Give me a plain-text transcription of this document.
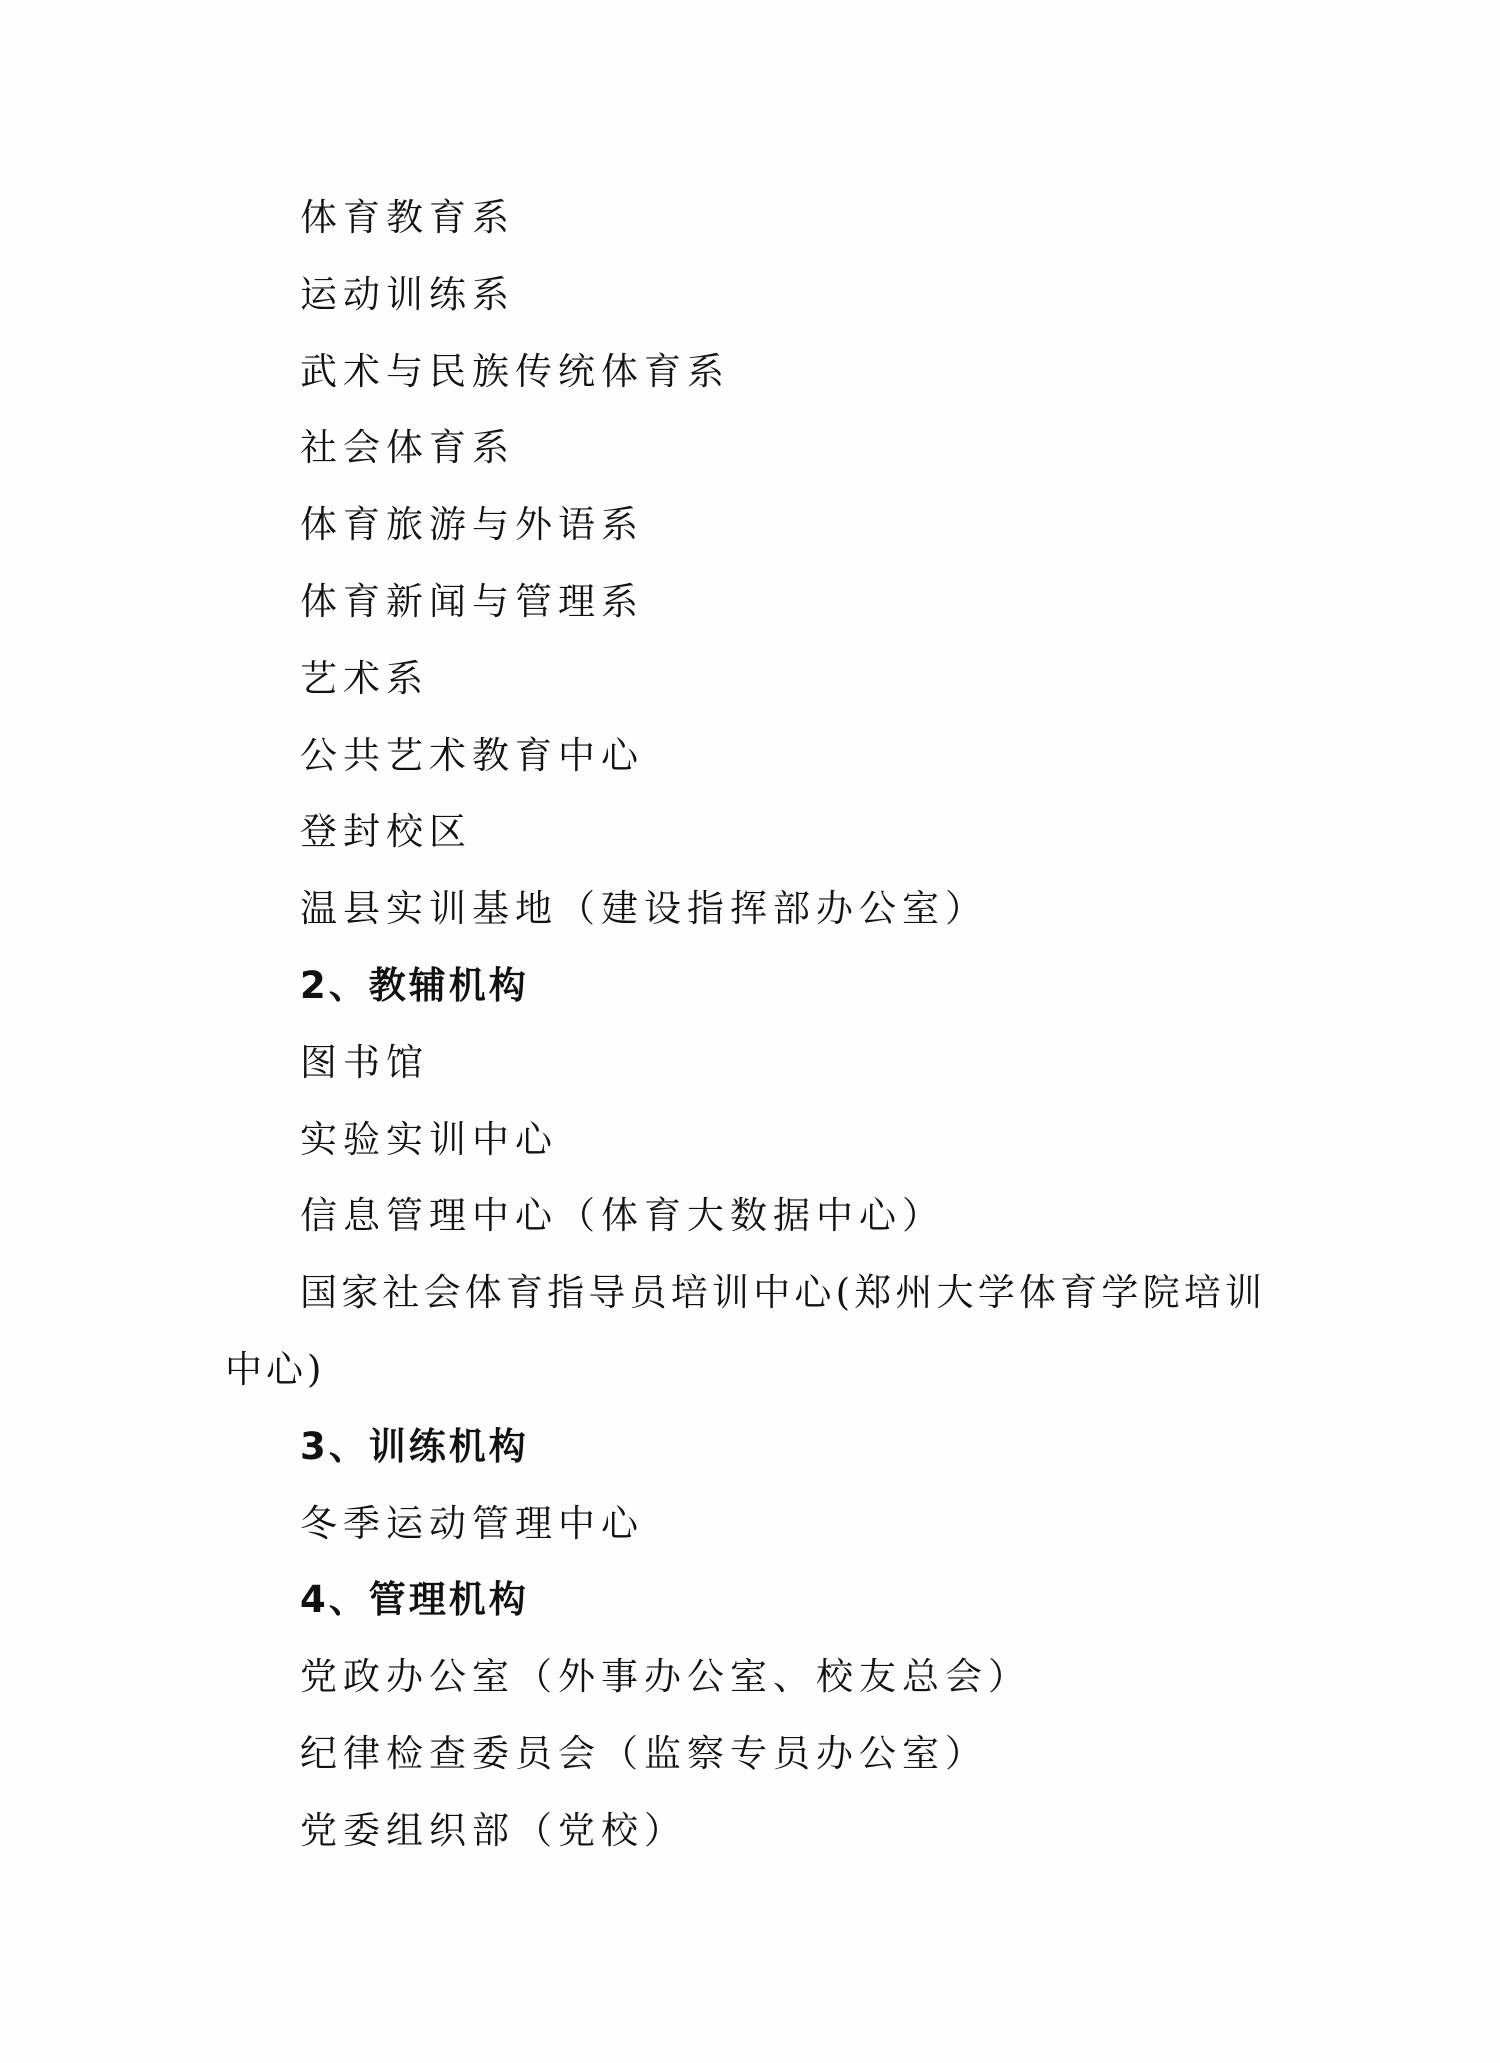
体育教育系
运动训练系
武术与民族传统体育系
社会体育系
体育旅游与外语系
体育新闻与管理系
艺术系
公共艺术教育中心
登封校区
温县实训基地（建设指挥部办公室）
2、教辅机构
图书馆
实验实训中心
信息管理中心（体育大数据中心）
国家社会体育指导员培训中心(郑州大学体育学院培训
中心)
3、训练机构
冬季运动管理中心
4、管理机构
党政办公室（外事办公室、校友总会）
纪律检查委员会（监察专员办公室）
党委组织部（党校）
